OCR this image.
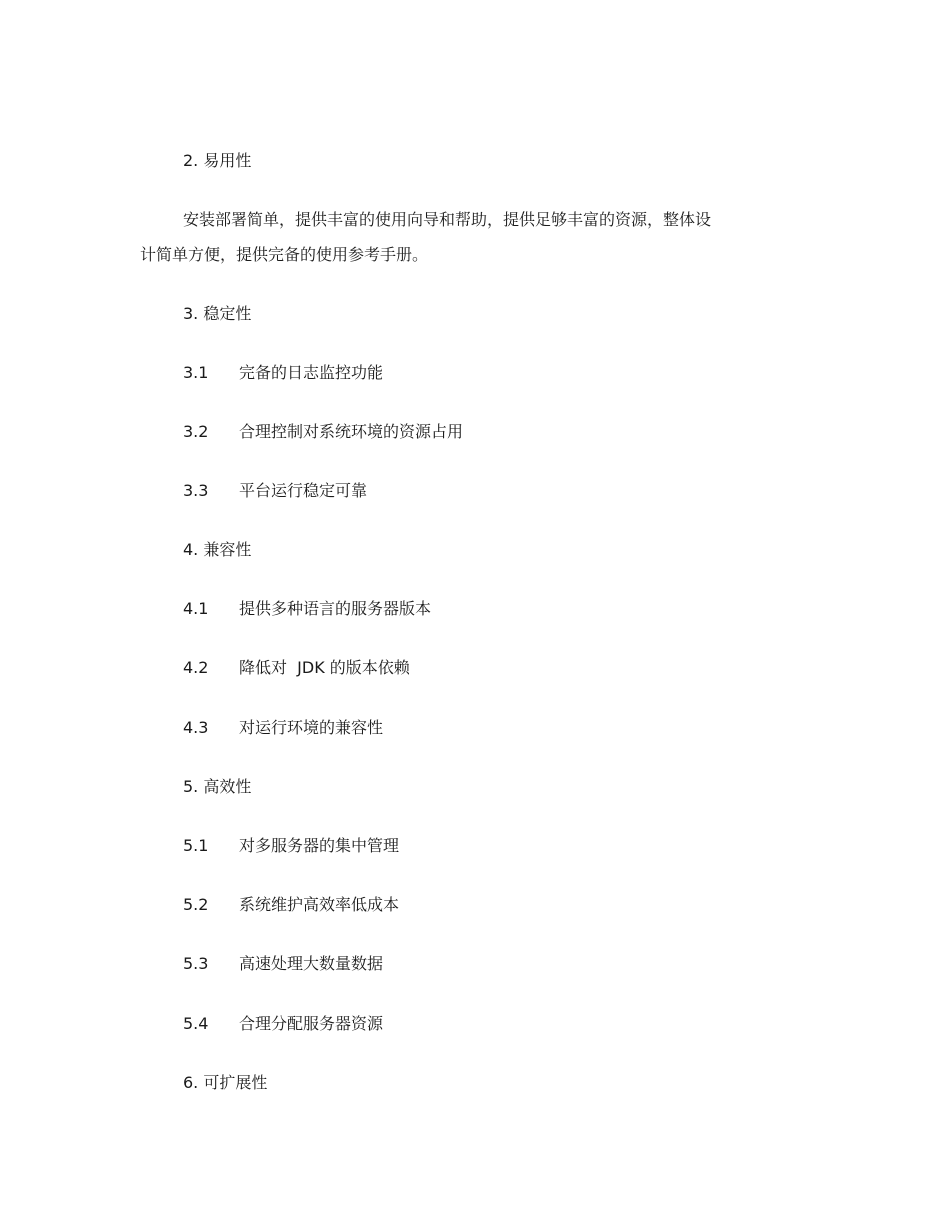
2. 易用性
安装部署简单，提供丰富的使用向导和帮助，提供足够丰富的资源，整体设
计简单方便，提供完备的使用参考手册。
3. 稳定性
3.1 完备的日志监控功能
3.2 合理控制对系统环境的资源占用
3.3 平台运行稳定可靠
4. 兼容性
4.1 提供多种语言的服务器版本
4.2 降低对  JDK 的版本依赖
4.3 对运行环境的兼容性
5. 高效性
5.1 对多服务器的集中管理
5.2 系统维护高效率低成本
5.3 高速处理大数量数据
5.4 合理分配服务器资源
6. 可扩展性
